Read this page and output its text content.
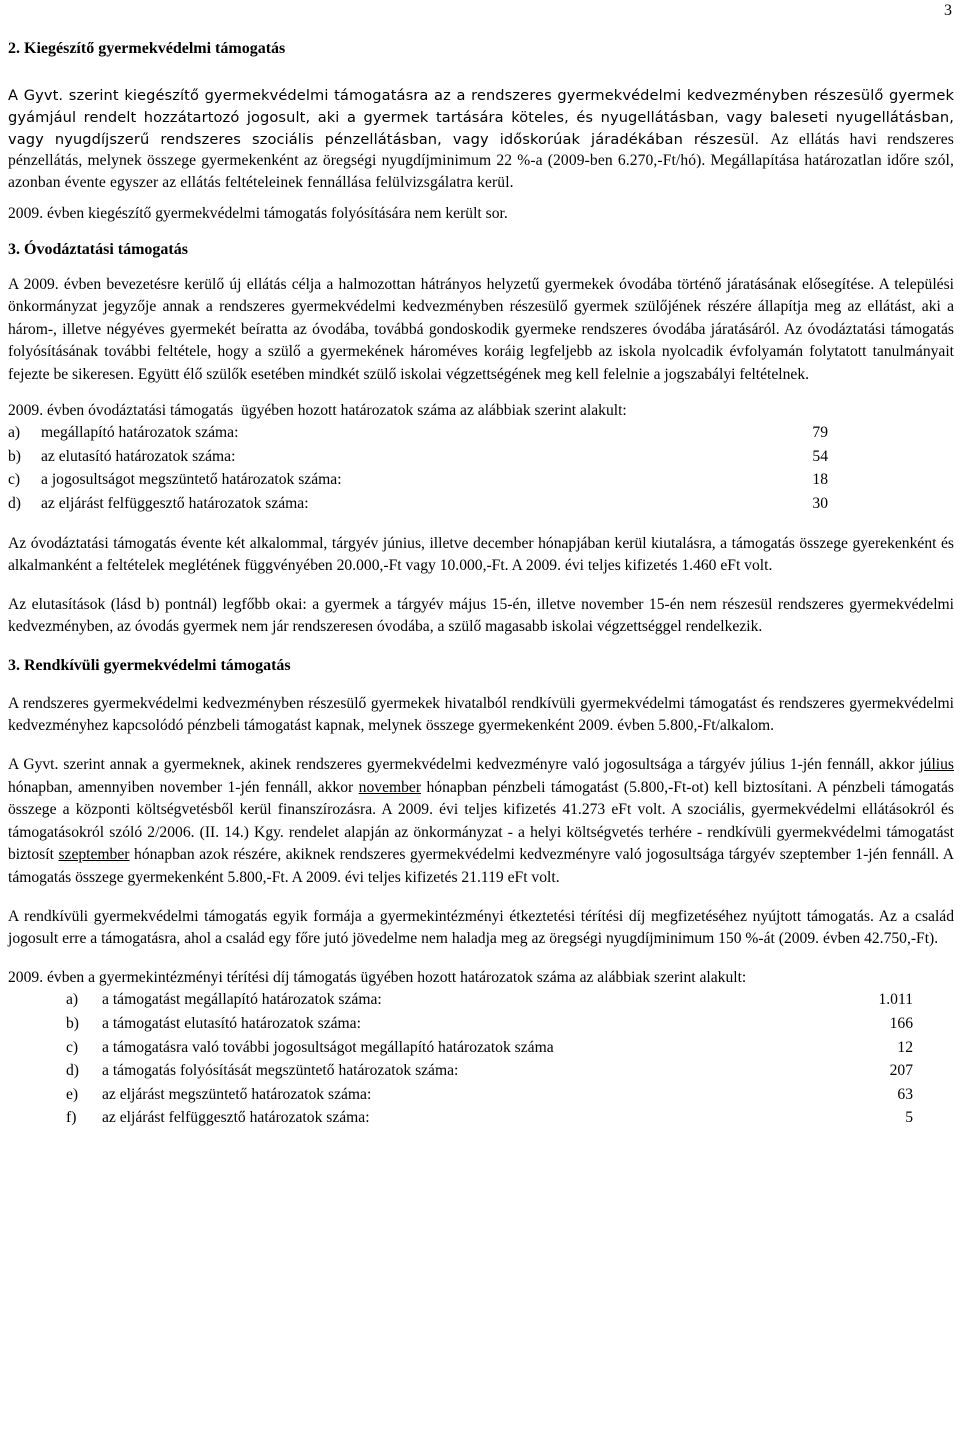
3
2. Kiegészítő gyermekvédelmi támogatás

A Gyvt. szerint kiegészítő gyermekvédelmi támogatásra az a rendszeres gyermekvédelmi kedvezményben részesülő gyermek gyámjául rendelt hozzátartozó jogosult, aki a gyermek tartására köteles, és nyugellátásban, vagy baleseti nyugellátásban, vagy nyugdíjszerű rendszeres szociális pénzellátásban, vagy időskorúak járadékában részesül. Az ellátás havi rendszeres pénzellátás, melynek összege gyermekenként az öregségi nyugdíjminimum 22 %-a (2009-ben 6.270,-Ft/hó). Megállapítása határozatlan időre szól, azonban évente egyszer az ellátás feltételeinek fennállása felülvizsgálatra kerül.

2009. évben kiegészítő gyermekvédelmi támogatás folyósítására nem került sor.

3. Óvodáztatási támogatás

A 2009. évben bevezetésre kerülő új ellátás célja a halmozottan hátrányos helyzetű gyermekek óvodába történő járatásának elősegítése. A települési önkormányzat jegyzője annak a rendszeres gyermekvédelmi kedvezményben részesülő gyermek szülőjének részére állapítja meg az ellátást, aki a három-, illetve négyéves gyermekét beíratta az óvodába, továbbá gondoskodik gyermeke rendszeres óvodába járatásáról. Az óvodáztatási támogatás folyósításának további feltétele, hogy a szülő a gyermekének hároméves koráig legfeljebb az iskola nyolcadik évfolyamán folytatott tanulmányait fejezte be sikeresen. Együtt élő szülők esetében mindkét szülő iskolai végzettségének meg kell felelnie a jogszabályi feltételnek.

2009. évben óvodáztatási támogatás  ügyében hozott határozatok száma az alábbiak szerint alakult:

a)	megállapító határozatok száma:	79
b)	az elutasító határozatok száma:	54
c)	a jogosultságot megszüntető határozatok száma:	18
d)	az eljárást felfüggesztő határozatok száma:	30

Az óvodáztatási támogatás évente két alkalommal, tárgyév június, illetve december hónapjában kerül kiutalásra, a támogatás összege gyerekenként és alkalmanként a feltételek meglétének függvényében 20.000,-Ft vagy 10.000,-Ft. A 2009. évi teljes kifizetés 1.460 eFt volt.

Az elutasítások (lásd b) pontnál) legfőbb okai: a gyermek a tárgyév május 15-én, illetve november 15-én nem részesül rendszeres gyermekvédelmi kedvezményben, az óvodás gyermek nem jár rendszeresen óvodába, a szülő magasabb iskolai végzettséggel rendelkezik.

3. Rendkívüli gyermekvédelmi támogatás

A rendszeres gyermekvédelmi kedvezményben részesülő gyermekek hivatalból rendkívüli gyermekvédelmi támogatást és rendszeres gyermekvédelmi kedvezményhez kapcsolódó pénzbeli támogatást kapnak, melynek összege gyermekenként 2009. évben 5.800,-Ft/alkalom.

A Gyvt. szerint annak a gyermeknek, akinek rendszeres gyermekvédelmi kedvezményre való jogosultsága a tárgyév július 1-jén fennáll, akkor július hónapban, amennyiben november 1-jén fennáll, akkor november hónapban pénzbeli támogatást (5.800,-Ft-ot) kell biztosítani. A pénzbeli támogatás összege a központi költségvetésből kerül finanszírozásra. A 2009. évi teljes kifizetés 41.273 eFt volt. A szociális, gyermekvédelmi ellátásokról és támogatásokról szóló 2/2006. (II. 14.) Kgy. rendelet alapján az önkormányzat - a helyi költségvetés terhére - rendkívüli gyermekvédelmi támogatást biztosít szeptember hónapban azok részére, akiknek rendszeres gyermekvédelmi kedvezményre való jogosultsága tárgyév szeptember 1-jén fennáll. A támogatás összege gyermekenként 5.800,-Ft. A 2009. évi teljes kifizetés 21.119 eFt volt.

A rendkívüli gyermekvédelmi támogatás egyik formája a gyermekintézményi étkeztetési térítési díj megfizetéséhez nyújtott támogatás. Az a család jogosult erre a támogatásra, ahol a család egy főre jutó jövedelme nem haladja meg az öregségi nyugdíjminimum 150 %-át (2009. évben 42.750,-Ft).

2009. évben a gyermekintézményi térítési díj támogatás ügyében hozott határozatok száma az alábbiak szerint alakult:

a)	a támogatást megállapító határozatok száma:	1.011
b)	a támogatást elutasító határozatok száma:	166
c)	a támogatásra való további jogosultságot megállapító határozatok száma	12
d)	a támogatás folyósítását megszüntető határozatok száma:	207
e)	az eljárást megszüntető határozatok száma:	63
f)	az eljárást felfüggesztő határozatok száma:	5
